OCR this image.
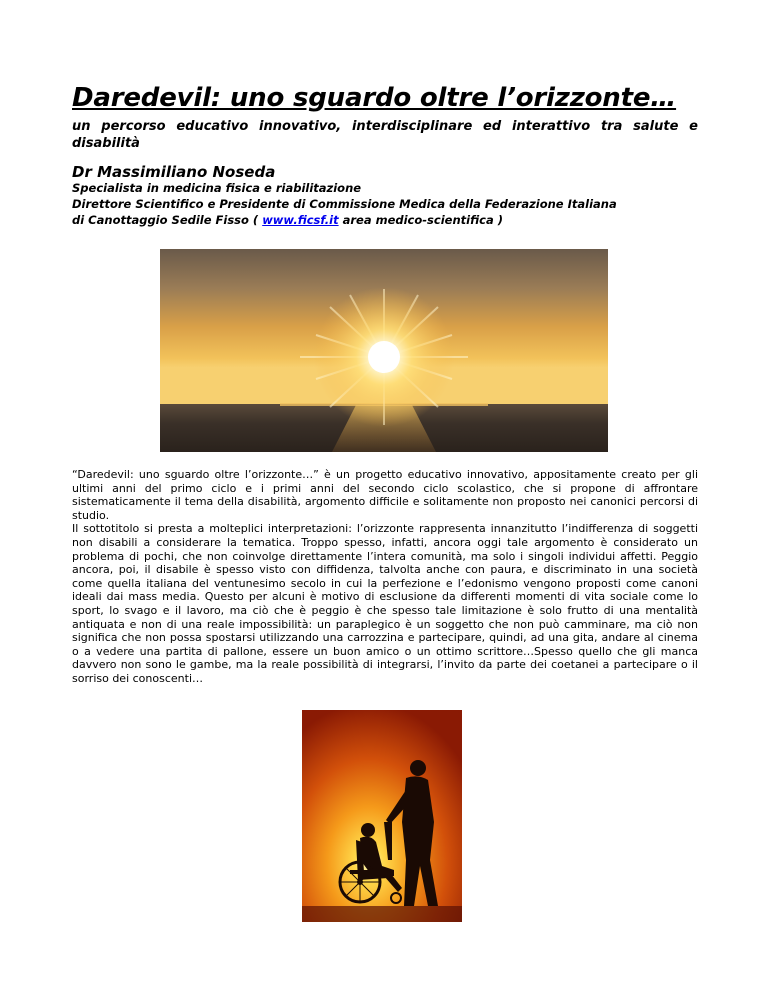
Daredevil: uno sguardo oltre l’orizzonte…

un percorso educativo innovativo, interdisciplinare ed interattivo tra salute e disabilità

Dr Massimiliano Noseda

Specialista in medicina fisica e riabilitazione
Direttore Scientifico e Presidente di Commissione Medica della Federazione Italiana
di Canottaggio Sedile Fisso ( www.ficsf.it area medico-scientifica )

“Daredevil: uno sguardo oltre l’orizzonte…” è un progetto educativo innovativo, appositamente creato per gli ultimi anni del primo ciclo e i primi anni del secondo ciclo scolastico, che si propone di affrontare sistematicamente il tema della disabilità, argomento difficile e solitamente non proposto nei canonici percorsi di studio.

Il sottotitolo si presta a molteplici interpretazioni: l’orizzonte rappresenta innanzitutto l’indifferenza di soggetti non disabili a considerare la tematica. Troppo spesso, infatti, ancora oggi tale argomento è considerato un problema di pochi, che non coinvolge direttamente l’intera comunità, ma solo i singoli individui affetti. Peggio ancora, poi, il disabile è spesso visto con diffidenza, talvolta anche con paura, e discriminato in una società come quella italiana del ventunesimo secolo in cui la perfezione e l’edonismo vengono proposti come canoni ideali dai mass media. Questo per alcuni è motivo di esclusione da differenti momenti di vita sociale come lo sport, lo svago e il lavoro, ma ciò che è peggio è che spesso tale limitazione è solo frutto di una mentalità antiquata e non di una reale impossibilità: un paraplegico è un soggetto che non può camminare, ma ciò non significa che non possa spostarsi utilizzando una carrozzina e partecipare, quindi, ad una gita, andare al cinema o a vedere una partita di pallone, essere un buon amico o un ottimo scrittore…Spesso quello che gli manca davvero non sono le gambe, ma la reale possibilità di integrarsi, l’invito da parte dei coetanei a partecipare o il sorriso dei conoscenti…
